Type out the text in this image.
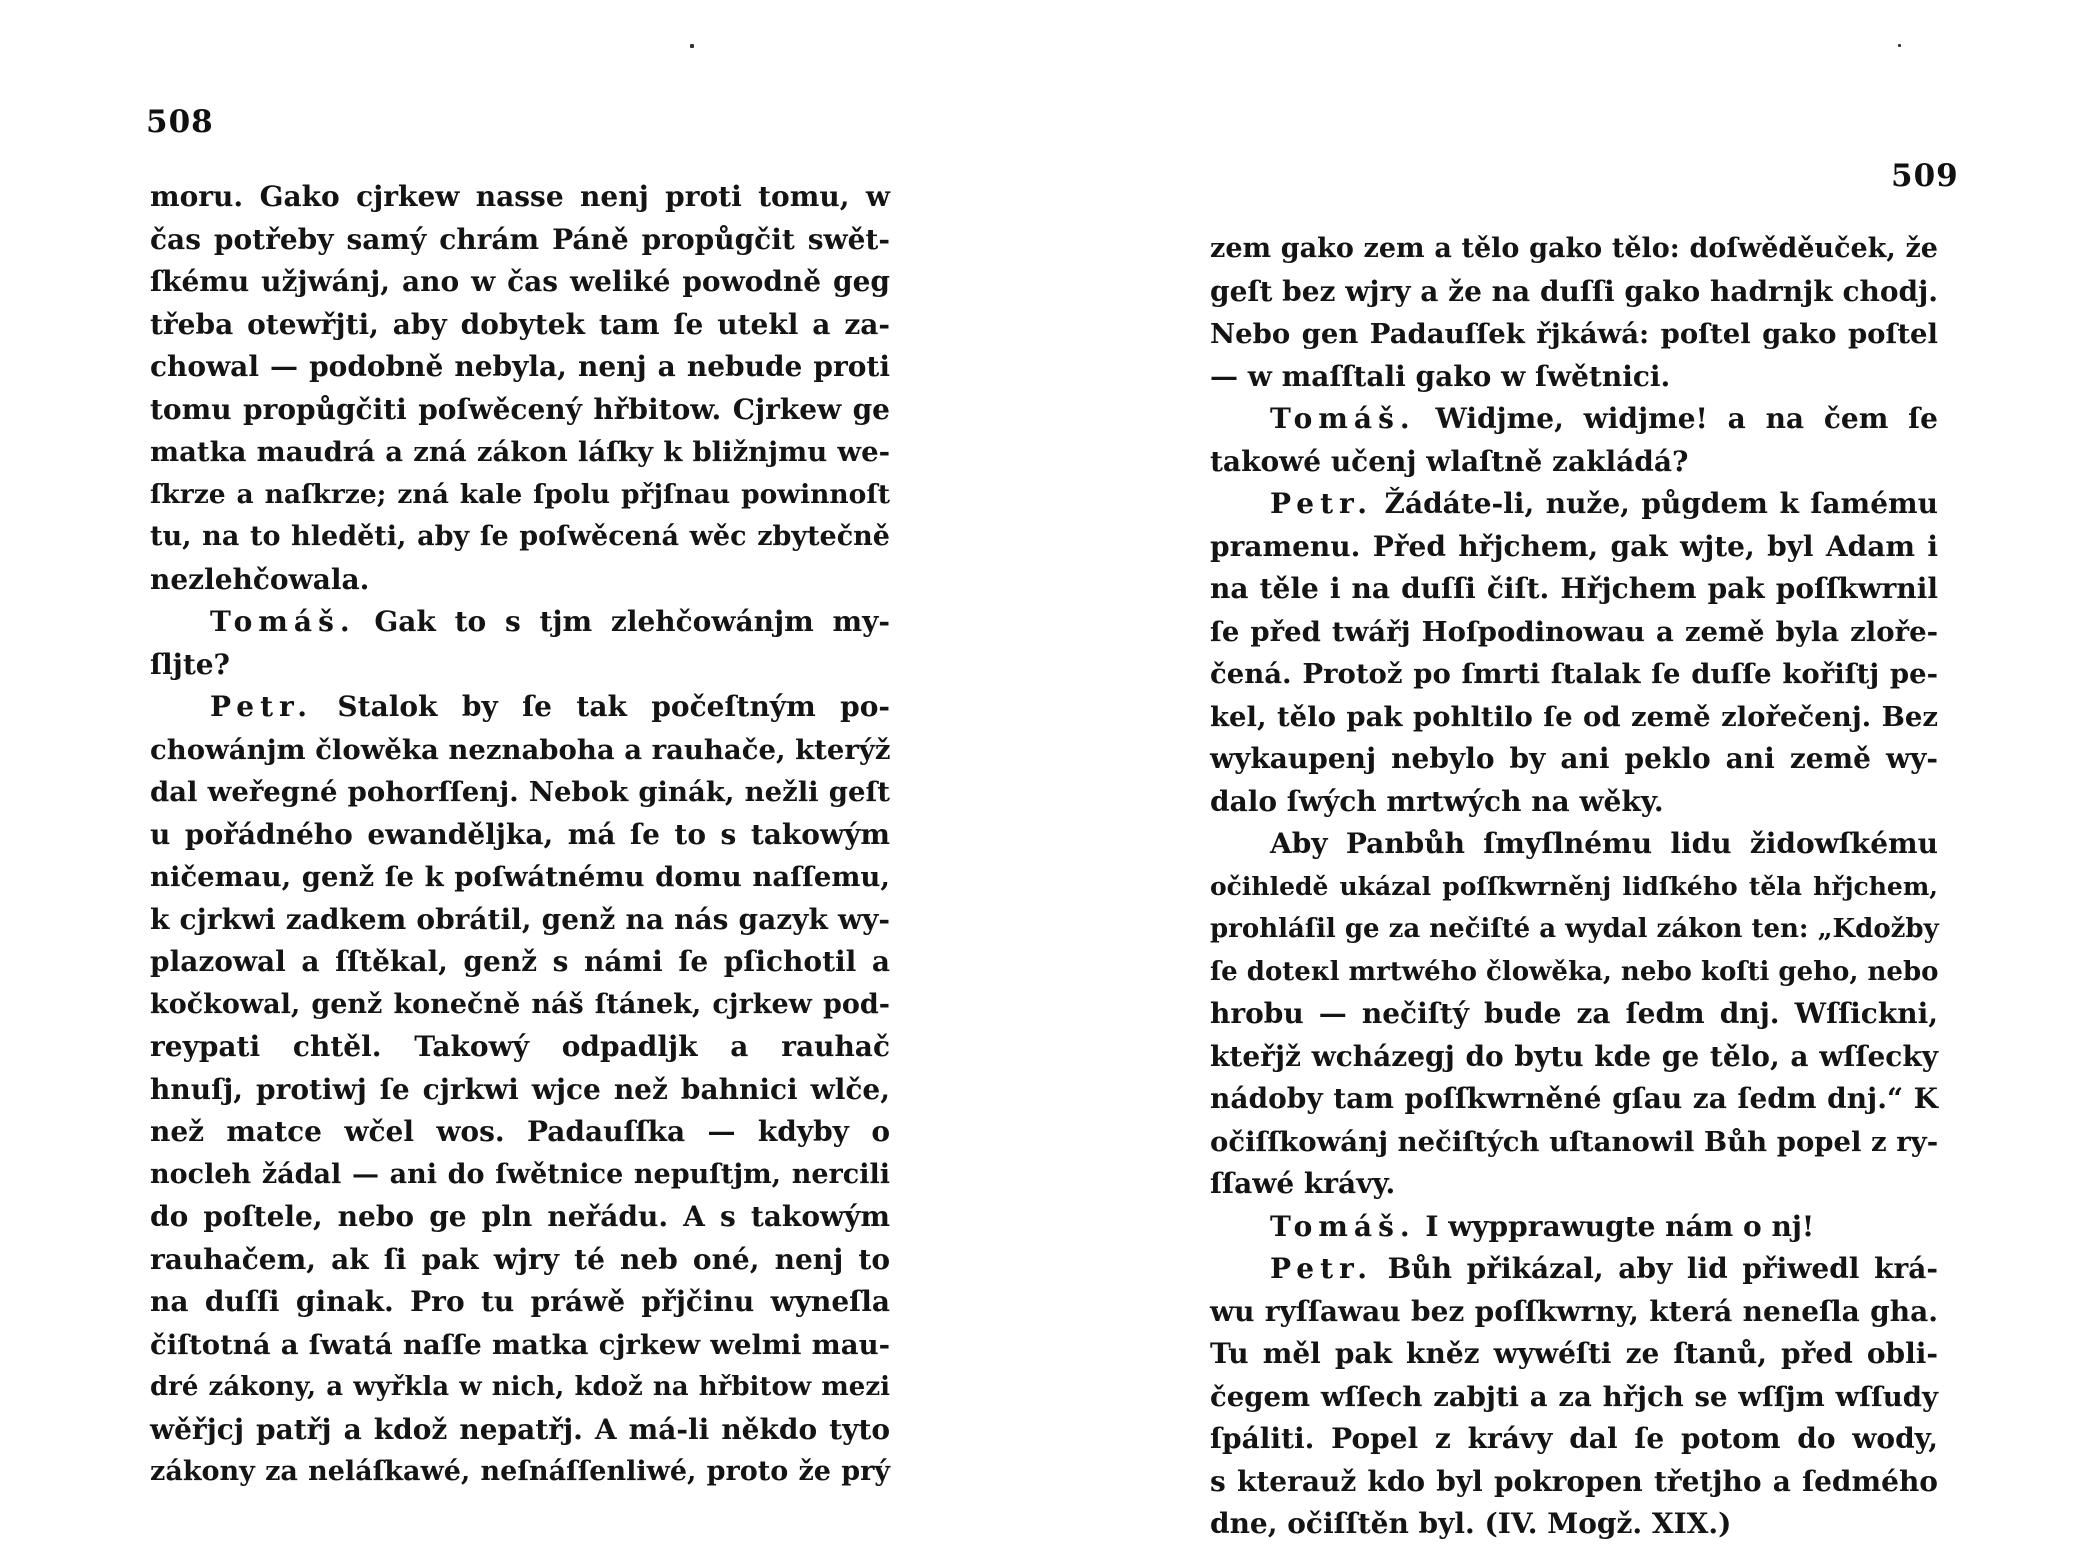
508
moru. Gako cjrkew nasse nenj proti tomu, w
čas potřeby samý chrám Páně propůgčit swět-
ſkému užjwánj, ano w čas weliké powodně geg
třeba otewřjti, aby dobytek tam ſe utekl a za-
chowal — podobně nebyla, nenj a nebude proti
tomu propůgčiti poſwěcený hřbitow. Cjrkew ge
matka maudrá a zná zákon láſky k bližnjmu we-
ſkrze a naſkrze; zná kale ſpolu přjſnau powinnoſt
tu, na to hleděti, aby ſe poſwěcená wěc zbytečně
nezlehčowala.
Tomáš. Gak to s tjm zlehčowánjm my-
ſljte?
Petr. Stalok by ſe tak počeſtným po-
chowánjm člowěka neznaboha a rauhače, kterýž
dal weřegné pohorſſenj. Nebok ginák, nežli geſt
u pořádného ewanděljka, má ſe to s takowým
ničemau, genž ſe k poſwátnému domu naſſemu,
k cjrkwi zadkem obrátil, genž na nás gazyk wy-
plazowal a ſſtěkal, genž s námi ſe pſichotil a
kočkowal, genž konečně náš ſtánek, cjrkew pod-
reypati chtěl. Takowý odpadljk a rauhač
hnuſj, protiwj ſe cjrkwi wjce než bahnici wlče,
než matce wčel wos. Padauſſka — kdyby o
nocleh žádal — ani do ſwětnice nepuſtjm, nercili
do poſtele, nebo ge pln neřádu. A s takowým
rauhačem, ak ſi pak wjry té neb oné, nenj to
na duſſi ginak. Pro tu práwě přjčinu wyneſla
čiſtotná a ſwatá naſſe matka cjrkew welmi mau-
dré zákony, a wyřkla w nich, kdož na hřbitow mezi
wěřjcj patřj a kdož nepatřj. A má-li někdo tyto
zákony za neláſkawé, neſnáſſenliwé, proto že prý
509
zem gako zem a tělo gako tělo: doſwěděuček, že
geſt bez wjry a že na duſſi gako hadrnjk chodj.
Nebo gen Padauſſek řjkáwá: poſtel gako poſtel
— w maſſtali gako w ſwětnici.
Tomáš. Widjme, widjme! a na čem ſe
takowé učenj wlaſtně zakládá?
Petr. Žádáte-li, nuže, půgdem k ſamému
pramenu. Před hřjchem, gak wjte, byl Adam i
na těle i na duſſi čiſt. Hřjchem pak poſſkwrnil
ſe před twářj Hoſpodinowau a země byla zloře-
čená. Protož po ſmrti ſtalak ſe duſſe kořiſtj pe-
kel, tělo pak pohltilo ſe od země zlořečenj. Bez
wykaupenj nebylo by ani peklo ani země wy-
dalo ſwých mrtwých na wěky.
Aby Panbůh ſmyſlnému lidu židowſkému
očihledě ukázal poſſkwrněnj lidſkého těla hřjchem,
prohláſil ge za nečiſté a wydal zákon ten: „Kdožby
ſe doteкl mrtwého člowěka, nebo koſti geho, nebo
hrobu — nečiſtý bude za ſedm dnj. Wſſickni,
kteřjž wcházegj do bytu kde ge tělo, a wſſecky
nádoby tam poſſkwrněné gſau za ſedm dnj.“ K
očiſſkowánj nečiſtých uſtanowil Bůh popel z ry-
ſſawé krávy.
Tomáš. I wypprawugte nám o nj!
Petr. Bůh přikázal, aby lid přiwedl krá-
wu ryſſawau bez poſſkwrny, která neneſla gha.
Tu měl pak kněz wywéſti ze ſtanů, před obli-
čegem wſſech zabjti a za hřjch se wſſjm wſſudy
ſpáliti. Popel z krávy dal ſe potom do wody,
s kterauž kdo byl pokropen třetjho a ſedmého
dne, očiſſtěn byl. (IV. Mogž. XIX.)
